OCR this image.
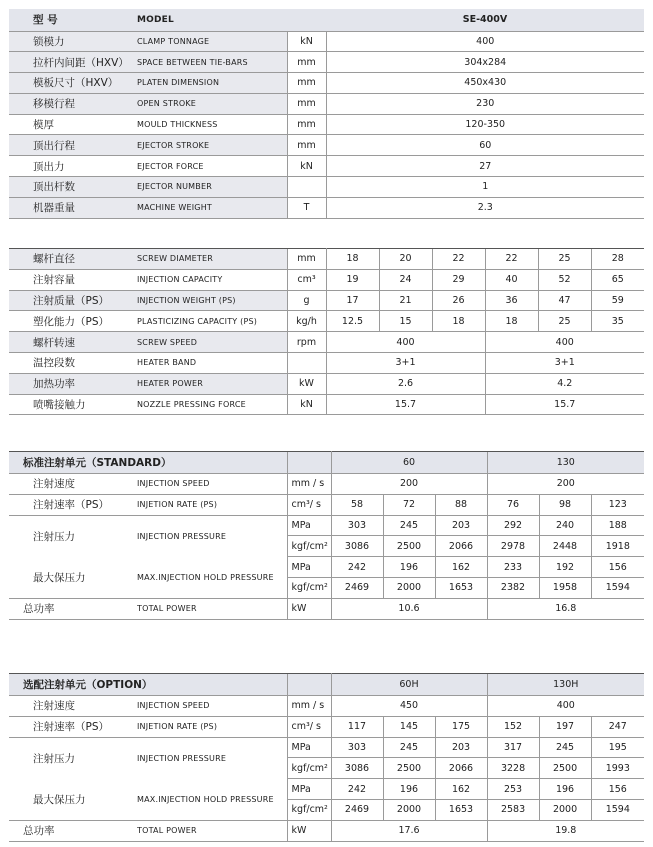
型 号	MODEL		SE-400V
锁模力	CLAMP TONNAGE	kN	400
拉杆内间距（HXV）	SPACE BETWEEN TIE-BARS	mm	304x284
模板尺寸（HXV）	PLATEN DIMENSION	mm	450x430
移模行程	OPEN STROKE	mm	230
模厚	MOULD THICKNESS	mm	120-350
顶出行程	EJECTOR STROKE	mm	60
顶出力	EJECTOR FORCE	kN	27
顶出杆数	EJECTOR NUMBER		1
机器重量	MACHINE WEIGHT	T	2.3
螺杆直径	SCREW DIAMETER	mm	18	20	22	22	25	28
注射容量	INJECTION CAPACITY	cm³	19	24	29	40	52	65
注射质量（PS）	INJECTION WEIGHT (PS)	g	17	21	26	36	47	59
塑化能力（PS）	PLASTICIZING CAPACITY (PS)	kg/h	12.5	15	18	18	25	35
螺杆转速	SCREW SPEED	rpm	400			400		
温控段数	HEATER BAND		3+1			3+1		
加热功率	HEATER POWER	kW	2.6			4.2		
喷嘴接触力	NOZZLE PRESSING FORCE	kN	15.7			15.7		
标准注射单元（STANDARD）			60			130		
注射速度	INJECTION SPEED	mm / s	200			200		
注射速率（PS）	INJETION RATE (PS)	cm³/ s	58	72	88	76	98	123
注射压力	INJECTION PRESSURE	MPa	303	245	203	292	240	188
		kgf/cm²	3086	2500	2066	2978	2448	1918
最大保压力	MAX.INJECTION HOLD PRESSURE	MPa	242	196	162	233	192	156
		kgf/cm²	2469	2000	1653	2382	1958	1594
总功率	TOTAL POWER	kW	10.6			16.8		
选配注射单元（OPTION）			60H			130H		
注射速度	INJECTION SPEED	mm / s	450			400		
注射速率（PS）	INJETION RATE (PS)	cm³/ s	117	145	175	152	197	247
注射压力	INJECTION PRESSURE	MPa	303	245	203	317	245	195
		kgf/cm²	3086	2500	2066	3228	2500	1993
最大保压力	MAX.INJECTION HOLD PRESSURE	MPa	242	196	162	253	196	156
		kgf/cm²	2469	2000	1653	2583	2000	1594
总功率	TOTAL POWER	kW	17.6			19.8		
